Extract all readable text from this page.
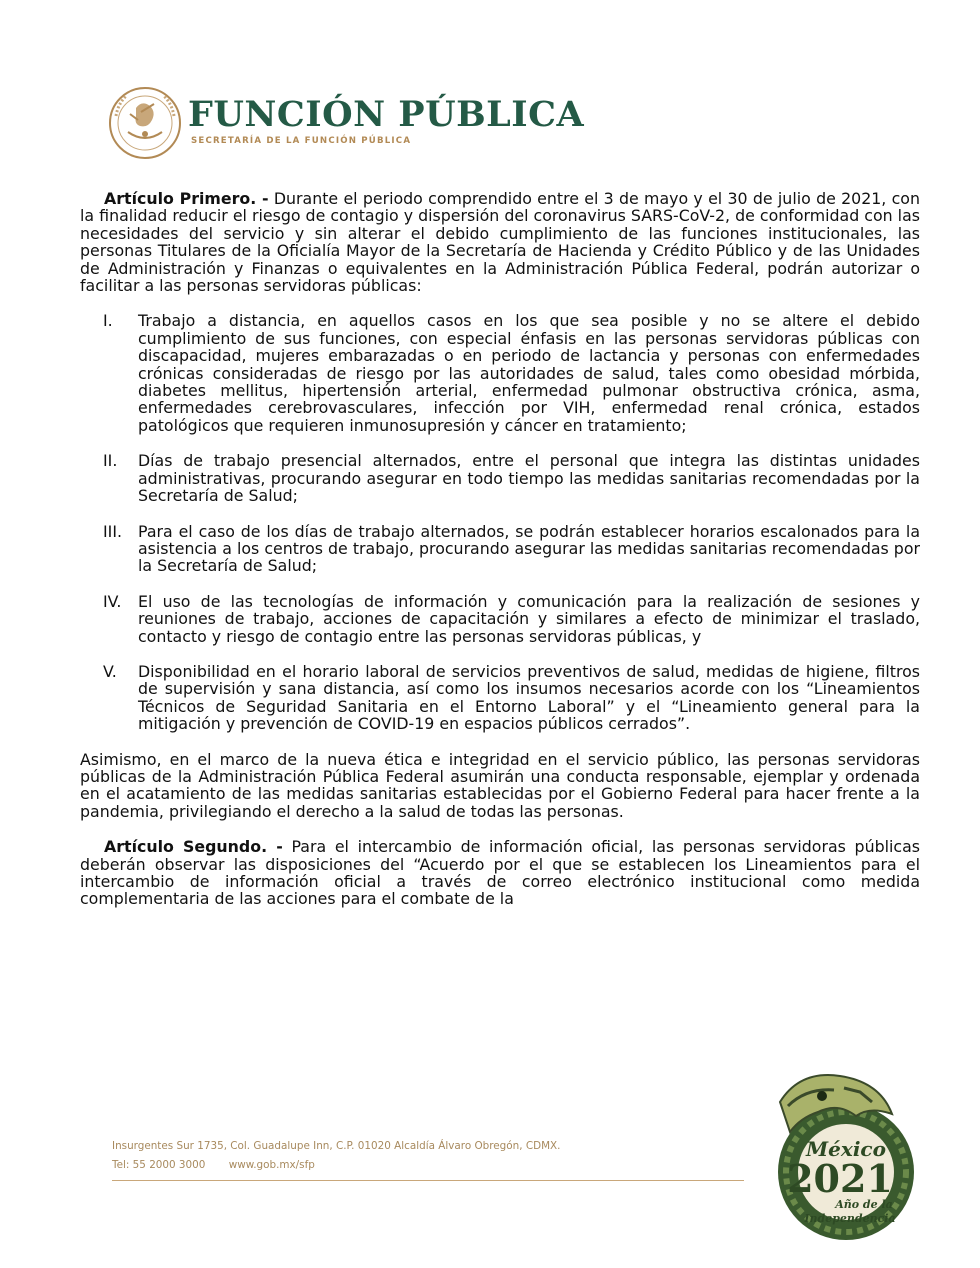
FUNCIÓN PÚBLICA
SECRETARÍA DE LA FUNCIÓN PÚBLICA

Artículo Primero. - Durante el periodo comprendido entre el 3 de mayo y el 30 de julio de 2021, con la finalidad reducir el riesgo de contagio y dispersión del coronavirus SARS-CoV-2, de conformidad con las necesidades del servicio y sin alterar el debido cumplimiento de las funciones institucionales, las personas Titulares de la Oficialía Mayor de la Secretaría de Hacienda y Crédito Público y de las Unidades de Administración y Finanzas o equivalentes en la Administración Pública Federal, podrán autorizar o facilitar a las personas servidoras públicas:

I. Trabajo a distancia, en aquellos casos en los que sea posible y no se altere el debido cumplimiento de sus funciones, con especial énfasis en las personas servidoras públicas con discapacidad, mujeres embarazadas o en periodo de lactancia y personas con enfermedades crónicas consideradas de riesgo por las autoridades de salud, tales como obesidad mórbida, diabetes mellitus, hipertensión arterial, enfermedad pulmonar obstructiva crónica, asma, enfermedades cerebrovasculares, infección por VIH, enfermedad renal crónica, estados patológicos que requieren inmunosupresión y cáncer en tratamiento;
II. Días de trabajo presencial alternados, entre el personal que integra las distintas unidades administrativas, procurando asegurar en todo tiempo las medidas sanitarias recomendadas por la Secretaría de Salud;
III. Para el caso de los días de trabajo alternados, se podrán establecer horarios escalonados para la asistencia a los centros de trabajo, procurando asegurar las medidas sanitarias recomendadas por la Secretaría de Salud;
IV. El uso de las tecnologías de información y comunicación para la realización de sesiones y reuniones de trabajo, acciones de capacitación y similares a efecto de minimizar el traslado, contacto y riesgo de contagio entre las personas servidoras públicas, y
V. Disponibilidad en el horario laboral de servicios preventivos de salud, medidas de higiene, filtros de supervisión y sana distancia, así como los insumos necesarios acorde con los “Lineamientos Técnicos de Seguridad Sanitaria en el Entorno Laboral” y el “Lineamiento general para la mitigación y prevención de COVID-19 en espacios públicos cerrados”.

Asimismo, en el marco de la nueva ética e integridad en el servicio público, las personas servidoras públicas de la Administración Pública Federal asumirán una conducta responsable, ejemplar y ordenada en el acatamiento de las medidas sanitarias establecidas por el Gobierno Federal para hacer frente a la pandemia, privilegiando el derecho a la salud de todas las personas.

Artículo Segundo. - Para el intercambio de información oficial, las personas servidoras públicas deberán observar las disposiciones del “Acuerdo por el que se establecen los Lineamientos para el intercambio de información oficial a través de correo electrónico institucional como medida complementaria de las acciones para el combate de la

Insurgentes Sur 1735, Col. Guadalupe Inn, C.P. 01020 Alcaldía Álvaro Obregón, CDMX.
Tel: 55 2000 3000 www.gob.mx/sfp
México
2021
Año de la
Independencia
